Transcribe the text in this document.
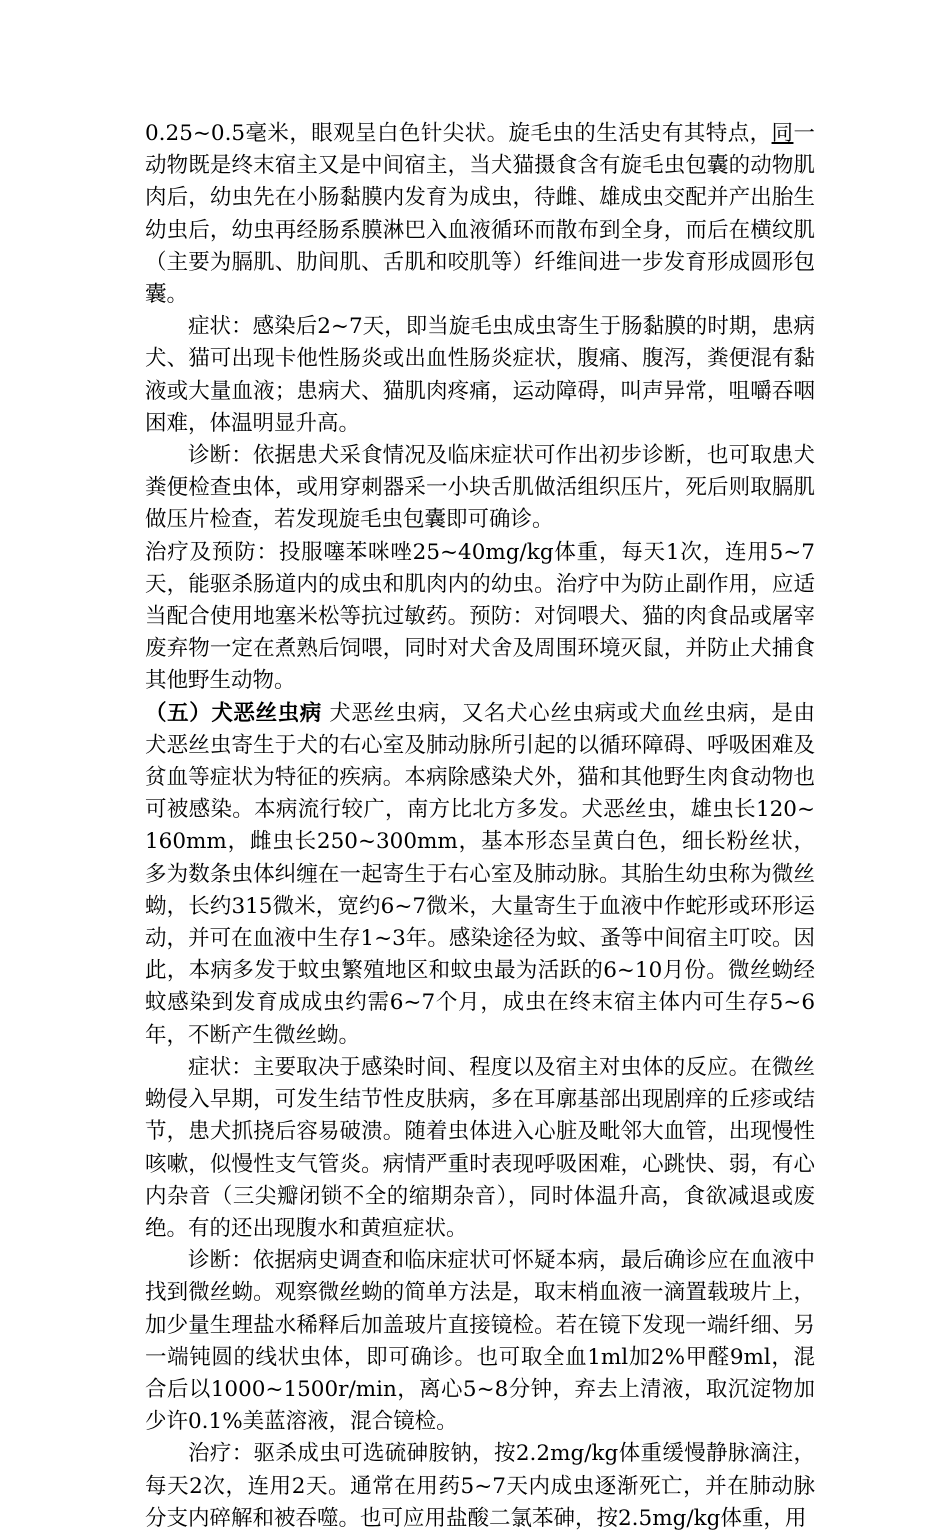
0.25~0.5毫米，眼观呈白色针尖状。旋毛虫的生活史有其特点，同一动物既是终末宿主又是中间宿主，当犬猫摄食含有旋毛虫包囊的动物肌肉后，幼虫先在小肠黏膜内发育为成虫，待雌、雄成虫交配并产出胎生幼虫后，幼虫再经肠系膜淋巴入血液循环而散布到全身，而后在横纹肌（主要为膈肌、肋间肌、舌肌和咬肌等）纤维间进一步发育形成圆形包囊。

症状：感染后2~7天，即当旋毛虫成虫寄生于肠黏膜的时期，患病犬、猫可出现卡他性肠炎或出血性肠炎症状，腹痛、腹泻，粪便混有黏液或大量血液；患病犬、猫肌肉疼痛，运动障碍，叫声异常，咀嚼吞咽困难，体温明显升高。

诊断：依据患犬采食情况及临床症状可作出初步诊断，也可取患犬粪便检查虫体，或用穿刺器采一小块舌肌做活组织压片，死后则取膈肌做压片检查，若发现旋毛虫包囊即可确诊。

治疗及预防：投服噻苯咪唑25~40mg/kg体重，每天1次，连用5~7天，能驱杀肠道内的成虫和肌肉内的幼虫。治疗中为防止副作用，应适当配合使用地塞米松等抗过敏药。预防：对饲喂犬、猫的肉食品或屠宰废弃物一定在煮熟后饲喂，同时对犬舍及周围环境灭鼠，并防止犬捕食其他野生动物。

（五）犬恶丝虫病 犬恶丝虫病，又名犬心丝虫病或犬血丝虫病，是由犬恶丝虫寄生于犬的右心室及肺动脉所引起的以循环障碍、呼吸困难及贫血等症状为特征的疾病。本病除感染犬外，猫和其他野生肉食动物也可被感染。本病流行较广，南方比北方多发。犬恶丝虫，雄虫长120~160mm，雌虫长250~300mm，基本形态呈黄白色，细长粉丝状，多为数条虫体纠缠在一起寄生于右心室及肺动脉。其胎生幼虫称为微丝蚴，长约315微米，宽约6~7微米，大量寄生于血液中作蛇形或环形运动，并可在血液中生存1~3年。感染途径为蚊、蚤等中间宿主叮咬。因此，本病多发于蚊虫繁殖地区和蚊虫最为活跃的6~10月份。微丝蚴经蚊感染到发育成成虫约需6~7个月，成虫在终末宿主体内可生存5~6年，不断产生微丝蚴。

症状：主要取决于感染时间、程度以及宿主对虫体的反应。在微丝蚴侵入早期，可发生结节性皮肤病，多在耳廓基部出现剧痒的丘疹或结节，患犬抓挠后容易破溃。随着虫体进入心脏及毗邻大血管，出现慢性咳嗽，似慢性支气管炎。病情严重时表现呼吸困难，心跳快、弱，有心内杂音（三尖瓣闭锁不全的缩期杂音），同时体温升高，食欲减退或废绝。有的还出现腹水和黄疸症状。

诊断：依据病史调查和临床症状可怀疑本病，最后确诊应在血液中找到微丝蚴。观察微丝蚴的简单方法是，取末梢血液一滴置载玻片上，加少量生理盐水稀释后加盖玻片直接镜检。若在镜下发现一端纤细、另一端钝圆的线状虫体，即可确诊。也可取全血1ml加2%甲醛9ml，混合后以1000~1500r/min，离心5~8分钟，弃去上清液，取沉淀物加少许0.1%美蓝溶液，混合镜检。

治疗：驱杀成虫可选硫砷胺钠，按2.2mg/kg体重缓慢静脉滴注，每天2次，连用2天。通常在用药5~7天内成虫逐渐死亡，并在肺动脉分支内碎解和被吞噬。也可应用盐酸二氯苯砷，按2.5mg/kg体重，用
